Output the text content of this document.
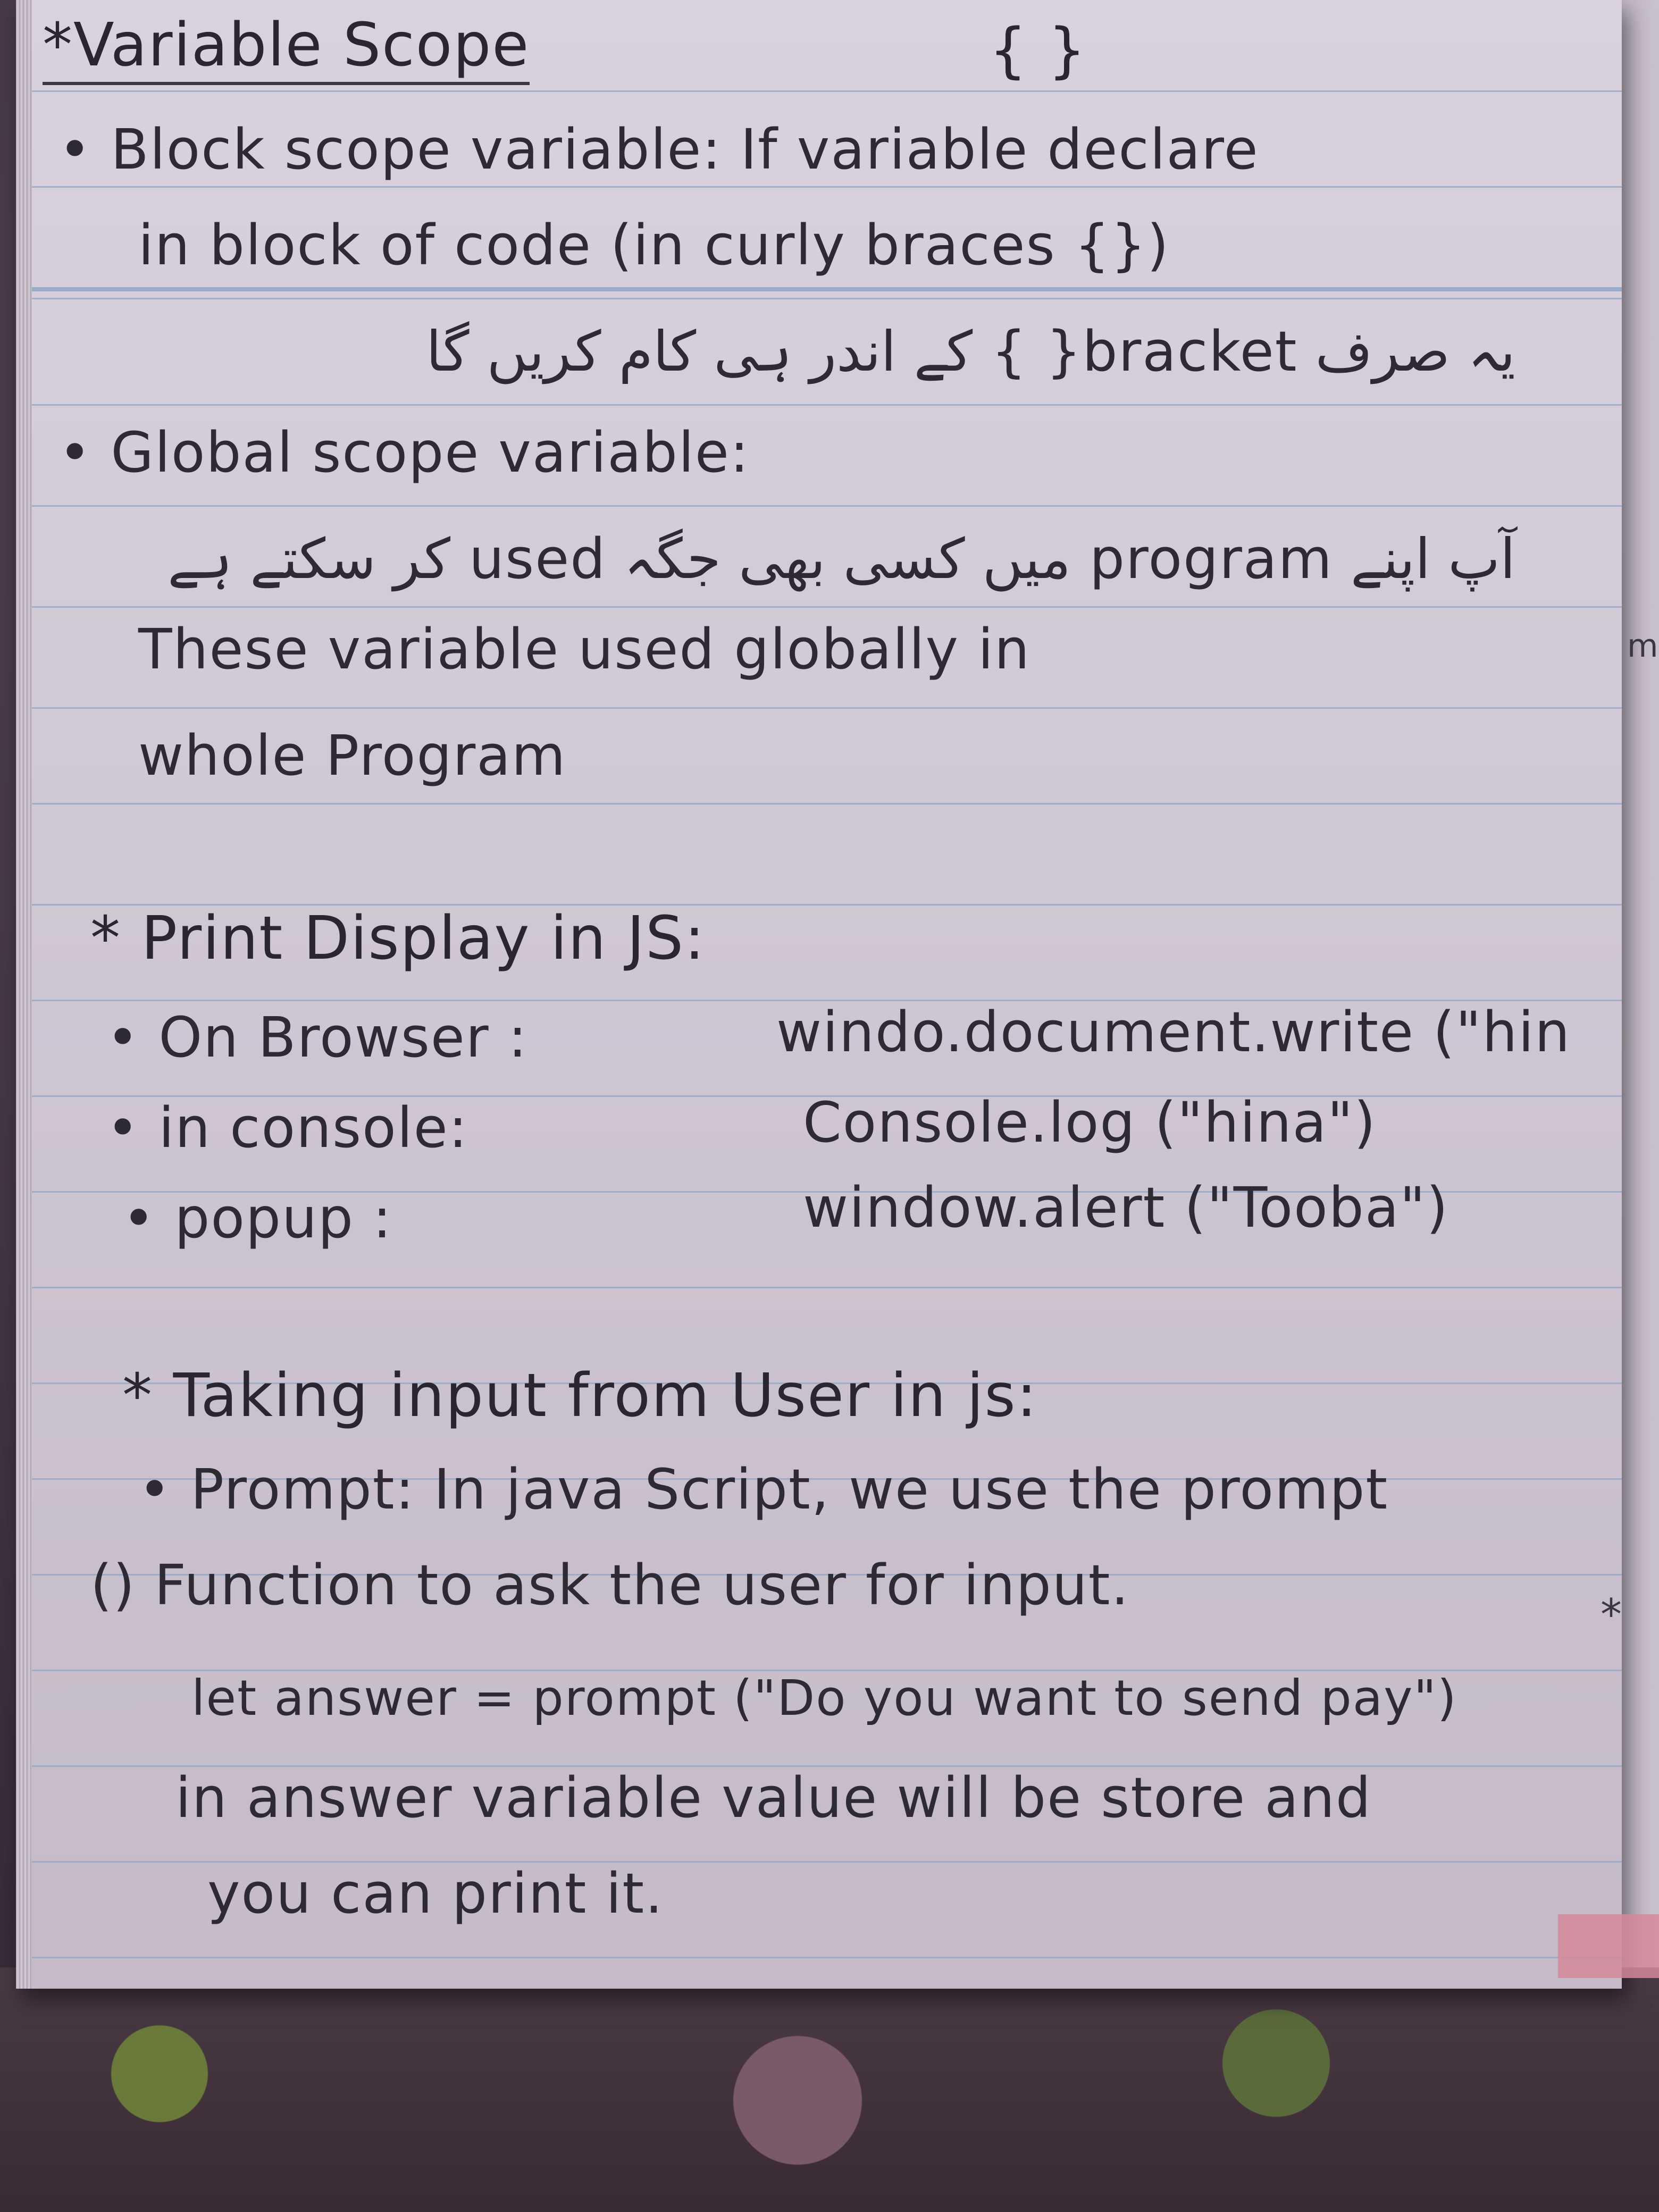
*Variable Scope	{ }
• Block scope variable: If variable declare
in block of code (in curly braces {})
یہ صرف bracket{ } کے اندر ہی کام کریں گا
• Global scope variable:
آپ اپنے program میں کسی بھی جگہ used کر سکتے ہے
These variable used globally in
whole Program
* Print Display in JS:
• On Browser :	windo.document.write ("hin
• in console:	Console.log ("hina")
• popup :	window.alert ("Tooba")
* Taking input from User in js:
• Prompt: In java Script, we use the prompt
() Function to ask the user for input.
let answer = prompt ("Do you want to send pay")
in answer variable value will be store and
you can print it.
m
*
